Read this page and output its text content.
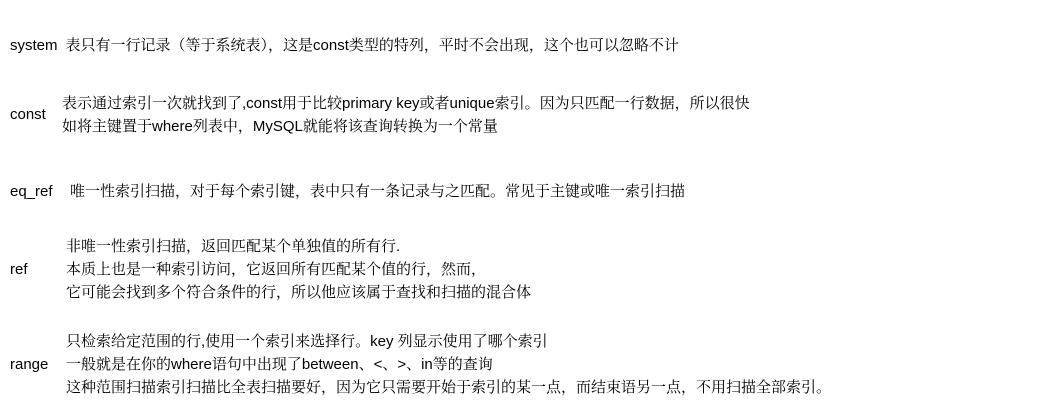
system 表只有一行记录（等于系统表），这是const类型的特列，平时不会出现，这个也可以忽略不计
const
表示通过索引一次就找到了,const用于比较primary key或者unique索引。因为只匹配一行数据，所以很快
如将主键置于where列表中，MySQL就能将该查询转换为一个常量
eq_ref	唯一性索引扫描，对于每个索引键，表中只有一条记录与之匹配。常见于主键或唯一索引扫描
ref
非唯一性索引扫描，返回匹配某个单独值的所有行.
本质上也是一种索引访问，它返回所有匹配某个值的行，然而，
它可能会找到多个符合条件的行，所以他应该属于查找和扫描的混合体
range
只检索给定范围的行,使用一个索引来选择行。key 列显示使用了哪个索引
一般就是在你的where语句中出现了between、<、>、in等的查询
这种范围扫描索引扫描比全表扫描要好，因为它只需要开始于索引的某一点，而结束语另一点，不用扫描全部索引。
